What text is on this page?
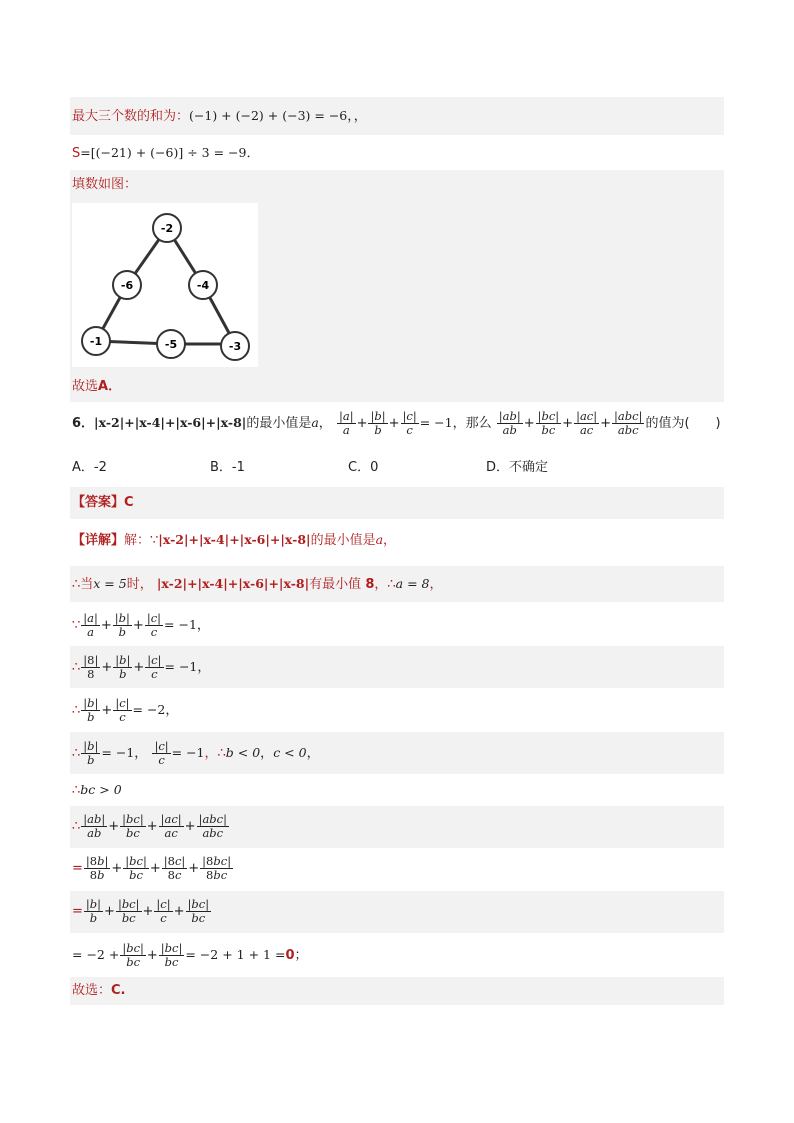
最大三个数的和为：(−1) + (−2) + (−3) = −6，，
S=[(−21) + (−6)] ÷ 3 = −9．
填数如图：
-2
-6	-4
-1	-5	-3
故选A．
6．|x-2|+|x-4|+|x-6|+|x-8|的最小值是a， $\frac{|a|}{a} + \frac{|b|}{b} + \frac{|c|}{c} = -1$，那么 $\frac{|ab|}{ab} + \frac{|bc|}{bc} + \frac{|ac|}{ac} + \frac{\text{|abc|}}{\text{abc}}$ 的值为(　　)
A．-2	B．-1	C．0	D．不确定
【答案】C
【详解】解：∵|x-2|+|x-4|+|x-6|+|x-8|的最小值是a，
∴当x = 5时， |x-2|+|x-4|+|x-6|+|x-8|有最小值 8，∴a = 8，
∵ $\frac{|a|}{a} + \frac{|b|}{b} + \frac{|c|}{c} = -1$，
∴ $\frac{|8|}{8} + \frac{|b|}{b} + \frac{|c|}{c} = -1$，
∴ $\frac{|b|}{b} + \frac{|c|}{c} = -2$，
∴ $\frac{|b|}{b} = -1$， $\frac{|c|}{c} = -1$，∴b < 0，c < 0，
∴bc > 0
∴ $\frac{|ab|}{ab} + \frac{|bc|}{bc} + \frac{|ac|}{ac} + \frac{\text{|abc|}}{\text{abc}}$
= $\frac{|8b|}{8b} + \frac{|bc|}{bc} + \frac{|8c|}{8c} + \frac{|8bc|}{8bc}$
= $\frac{|b|}{b} + \frac{|bc|}{bc} + \frac{|c|}{c} + \frac{|bc|}{bc}$
= $-2 + \frac{|bc|}{bc} + \frac{|bc|}{bc} = -2 + 1 + 1 =0$；
故选：C.
